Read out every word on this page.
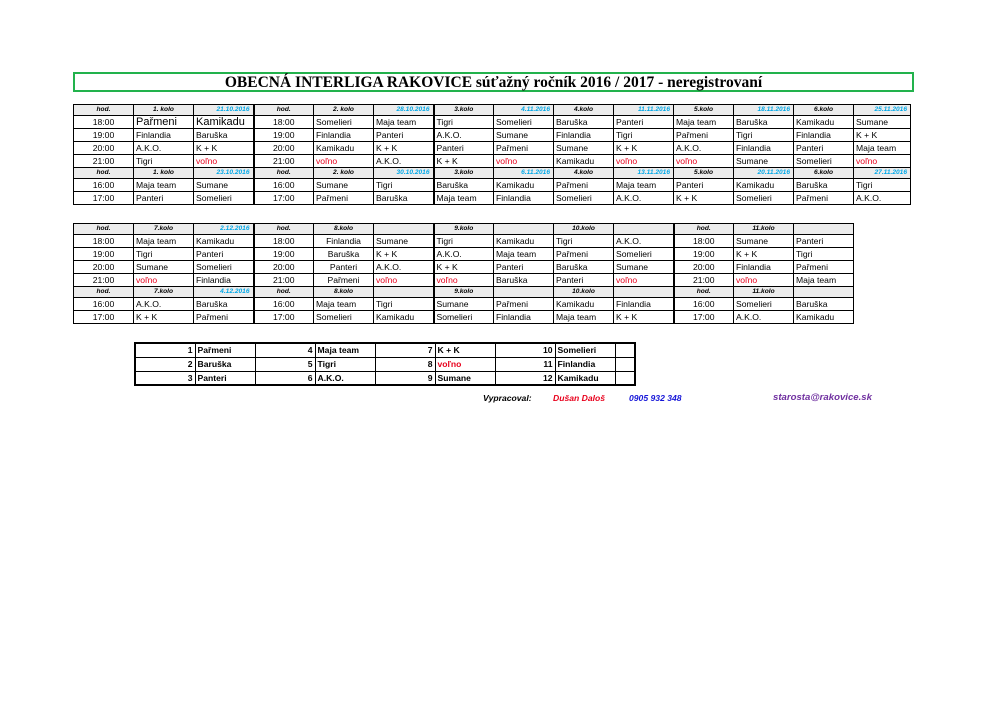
OBECNÁ INTERLIGA RAKOVICE súťažný ročník 2016 / 2017 - neregistrovaní
hod.	1. kolo	21.10.2016	hod.	2. kolo	28.10.2016	3.kolo	4.11.2016	4.kolo	11.11.2016	5.kolo	18.11.2016	6.kolo	25.11.2016
18:00	Pařmeni	Kamikadu	18:00	Somelieri	Maja team	Tigri	Somelieri	Baruška	Panteri	Maja team	Baruška	Kamikadu	Sumane
19:00	Finlandia	Baruška	19:00	Finlandia	Panteri	A.K.O.	Sumane	Finlandia	Tigri	Pařmeni	Tigri	Finlandia	K + K
20:00	A.K.O.	K + K	20:00	Kamikadu	K + K	Panteri	Pařmeni	Sumane	K + K	A.K.O.	Finlandia	Panteri	Maja team
21:00	Tigri	voľno	21:00	voľno	A.K.O.	K + K	voľno	Kamikadu	voľno	voľno	Sumane	Somelieri	voľno
hod.	1. kolo	23.10.2016	hod.	2. kolo	30.10.2016	3.kolo	6.11.2016	4.kolo	13.11.2016	5.kolo	20.11.2016	6.kolo	27.11.2016
16:00	Maja team	Sumane	16:00	Sumane	Tigri	Baruška	Kamikadu	Pařmeni	Maja team	Panteri	Kamikadu	Baruška	Tigri
17:00	Panteri	Somelieri	17:00	Pařmeni	Baruška	Maja team	Finlandia	Somelieri	A.K.O.	K + K	Somelieri	Pařmeni	A.K.O.
hod.	7.kolo	2.12.2016	hod.	8.kolo		9.kolo		10.kolo		hod.	11.kolo	
18:00	Maja team	Kamikadu	18:00	Finlandia	Sumane	Tigri	Kamikadu	Tigri	A.K.O.	18:00	Sumane	Panteri
19:00	Tigri	Panteri	19:00	Baruška	K + K	A.K.O.	Maja team	Pařmeni	Somelieri	19:00	K + K	Tigri
20:00	Sumane	Somelieri	20:00	Panteri	A.K.O.	K + K	Panteri	Baruška	Sumane	20:00	Finlandia	Pařmeni
21:00	voľno	Finlandia	21:00	Pařmeni	voľno	voľno	Baruška	Panteri	voľno	21:00	voľno	Maja team
hod.	7.kolo	4.12.2016	hod.	8.kolo		9.kolo		10.kolo		hod.	11.kolo	
16:00	A.K.O.	Baruška	16:00	Maja team	Tigri	Sumane	Pařmeni	Kamikadu	Finlandia	16:00	Somelieri	Baruška
17:00	K + K	Pařmeni	17:00	Somelieri	Kamikadu	Somelieri	Finlandia	Maja team	K + K	17:00	A.K.O.	Kamikadu
1	Pařmeni	4	Maja team	7	K + K	10	Somelieri	
2	Baruška	5	Tigri	8	voľno	11	Finlandia	
3	Panteri	6	A.K.O.	9	Sumane	12	Kamikadu	
Vypracoval: Dušan Daloš	0905 932 348	starosta@rakovice.sk
